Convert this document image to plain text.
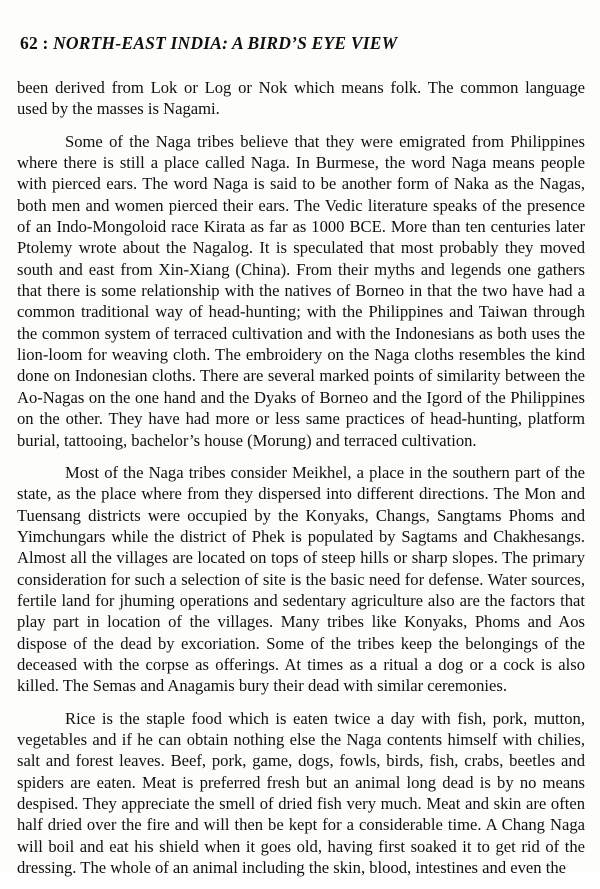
62 : NORTH-EAST INDIA: A BIRD’S EYE VIEW

been derived from Lok or Log or Nok which means folk. The common language used by the masses is Nagami.

Some of the Naga tribes believe that they were emigrated from Philippines where there is still a place called Naga. In Burmese, the word Naga means people with pierced ears. The word Naga is said to be another form of Naka as the Nagas, both men and women pierced their ears. The Vedic literature speaks of the presence of an Indo-Mongoloid race Kirata as far as 1000 BCE. More than ten centuries later Ptolemy wrote about the Nagalog. It is speculated that most probably they moved south and east from Xin-Xiang (China). From their myths and legends one gathers that there is some relationship with the natives of Borneo in that the two have had a common traditional way of head-hunting; with the Philippines and Taiwan through the common system of terraced cultivation and with the Indonesians as both uses the lion-loom for weaving cloth. The embroidery on the Naga cloths resembles the kind done on Indonesian cloths. There are several marked points of similarity between the Ao-Nagas on the one hand and the Dyaks of Borneo and the Igord of the Philippines on the other. They have had more or less same practices of head-hunting, platform burial, tattooing, bachelor’s house (Morung) and terraced cultivation.

Most of the Naga tribes consider Meikhel, a place in the southern part of the state, as the place where from they dispersed into different directions. The Mon and Tuensang districts were occupied by the Konyaks, Changs, Sangtams Phoms and Yimchungars while the district of Phek is populated by Sagtams and Chakhesangs. Almost all the villages are located on tops of steep hills or sharp slopes. The primary consideration for such a selection of site is the basic need for defense. Water sources, fertile land for jhuming operations and sedentary agriculture also are the factors that play part in location of the villages. Many tribes like Konyaks, Phoms and Aos dispose of the dead by excoriation. Some of the tribes keep the belongings of the deceased with the corpse as offerings. At times as a ritual a dog or a cock is also killed. The Semas and Anagamis bury their dead with similar ceremonies.

Rice is the staple food which is eaten twice a day with fish, pork, mutton, vegetables and if he can obtain nothing else the Naga contents himself with chilies, salt and forest leaves. Beef, pork, game, dogs, fowls, birds, fish, crabs, beetles and spiders are eaten. Meat is preferred fresh but an animal long dead is by no means despised. They appreciate the smell of dried fish very much. Meat and skin are often half dried over the fire and will then be kept for a considerable time. A Chang Naga will boil and eat his shield when it goes old, having first soaked it to get rid of the dressing. The whole of an animal including the skin, blood, intestines and even the
